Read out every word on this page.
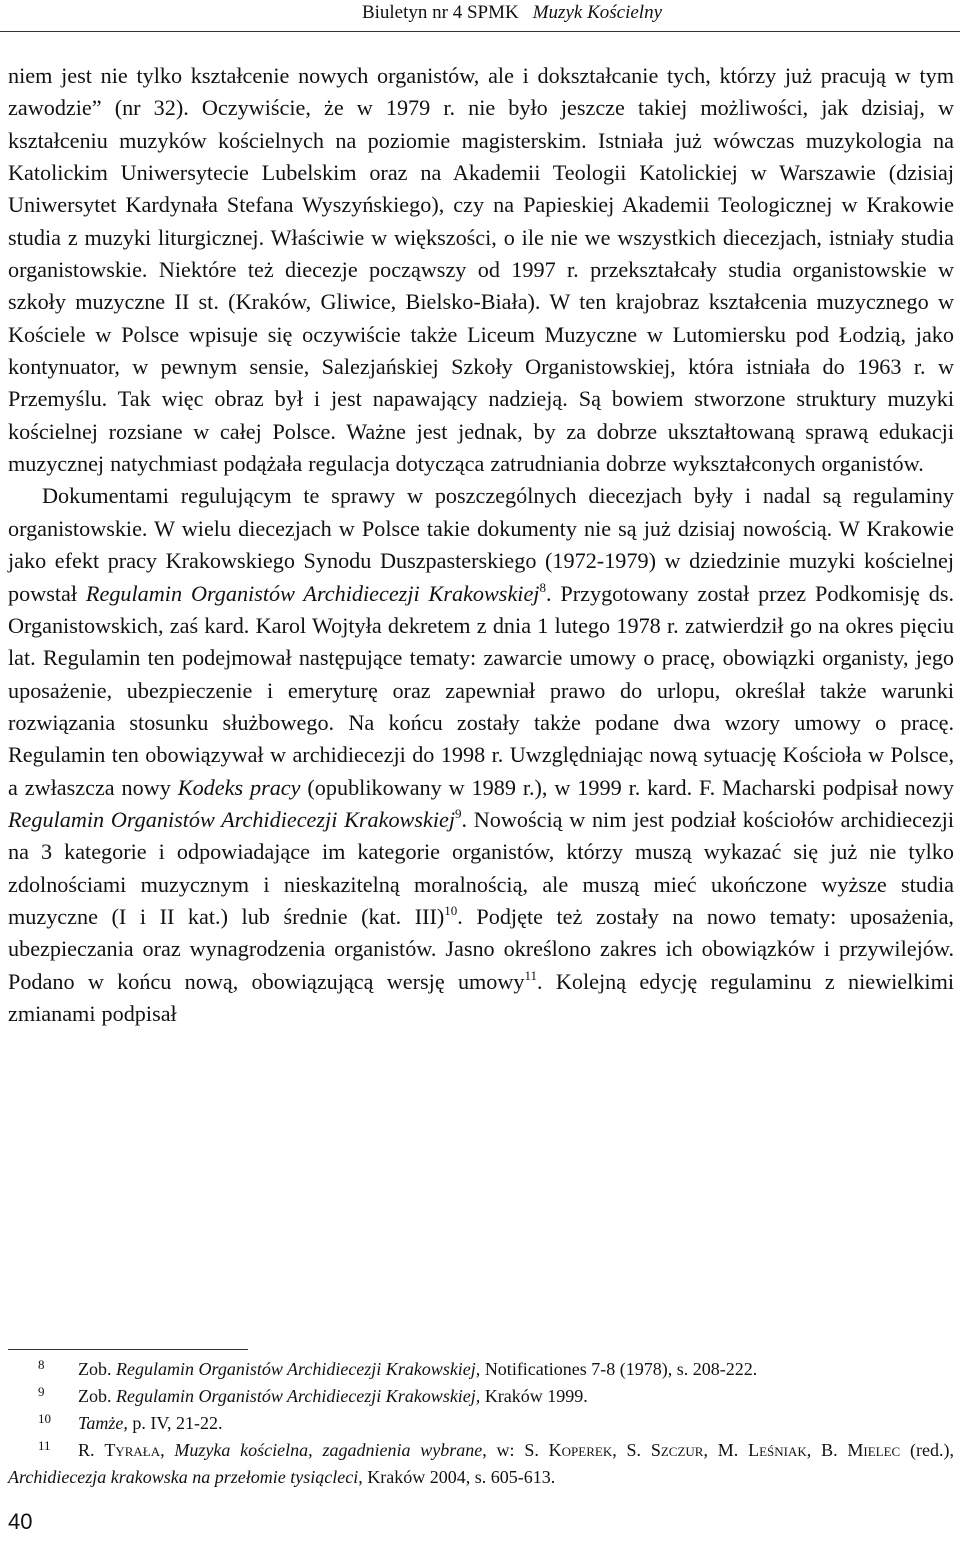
Biuletyn nr 4 SPMK Muzyk Kościelny

niem jest nie tylko kształcenie nowych organistów, ale i dokształcanie tych, którzy już pracują w tym zawodzie” (nr 32). Oczywiście, że w 1979 r. nie było jeszcze takiej możliwości, jak dzisiaj, w kształceniu muzyków kościelnych na poziomie magisterskim. Istniała już wówczas muzykologia na Katolickim Uniwersytecie Lubelskim oraz na Akademii Teologii Katolickiej w Warszawie (dzisiaj Uniwersytet Kardynała Stefana Wyszyńskiego), czy na Papieskiej Akademii Teologicznej w Krakowie studia z muzyki liturgicznej. Właściwie w większości, o ile nie we wszystkich diecezjach, istniały studia organistowskie. Niektóre też diecezje począwszy od 1997 r. przekształcały studia organistowskie w szkoły muzyczne II st. (Kraków, Gliwice, Bielsko-Biała). W ten krajobraz kształcenia muzycznego w Kościele w Polsce wpisuje się oczywiście także Liceum Muzyczne w Lutomiersku pod Łodzią, jako kontynuator, w pewnym sensie, Salezjańskiej Szkoły Organistowskiej, która istniała do 1963 r. w Przemyślu. Tak więc obraz był i jest napawający nadzieją. Są bowiem stworzone struktury muzyki kościelnej rozsiane w całej Polsce. Ważne jest jednak, by za dobrze ukształtowaną sprawą edukacji muzycznej natychmiast podążała regulacja dotycząca zatrudniania dobrze wykształconych organistów.

Dokumentami regulującym te sprawy w poszczególnych diecezjach były i nadal są regulaminy organistowskie. W wielu diecezjach w Polsce takie dokumenty nie są już dzisiaj nowością. W Krakowie jako efekt pracy Krakowskiego Synodu Duszpasterskiego (1972-1979) w dziedzinie muzyki kościelnej powstał Regulamin Organistów Archidiecezji Krakowskiej$^8$. Przygotowany został przez Podkomisję ds. Organistowskich, zaś kard. Karol Wojtyła dekretem z dnia 1 lutego 1978 r. zatwierdził go na okres pięciu lat. Regulamin ten podejmował następujące tematy: zawarcie umowy o pracę, obowiązki organisty, jego uposażenie, ubezpieczenie i emeryturę oraz zapewniał prawo do urlopu, określał także warunki rozwiązania stosunku służbowego. Na końcu zostały także podane dwa wzory umowy o pracę. Regulamin ten obowiązywał w archidiecezji do 1998 r. Uwzględniając nową sytuację Kościoła w Polsce, a zwłaszcza nowy Kodeks pracy (opublikowany w 1989 r.), w 1999 r. kard. F. Macharski podpisał nowy Regulamin Organistów Archidiecezji Krakowskiej$^9$. Nowością w nim jest podział kościołów archidiecezji na 3 kategorie i odpowiadające im kategorie organistów, którzy muszą wykazać się już nie tylko zdolnościami muzycznym i nieskazitelną moralnością, ale muszą mieć ukończone wyższe studia muzyczne (I i II kat.) lub średnie (kat. III)$^{10}$. Podjęte też zostały na nowo tematy: uposażenia, ubezpieczania oraz wynagrodzenia organistów. Jasno określono zakres ich obowiązków i przywilejów. Podano w końcu nową, obowiązującą wersję umowy$^{11}$. Kolejną edycję regulaminu z niewielkimi zmianami podpisał

8 Zob. Regulamin Organistów Archidiecezji Krakowskiej, Notificationes 7-8 (1978), s. 208-222.

9 Zob. Regulamin Organistów Archidiecezji Krakowskiej, Kraków 1999.

10 Tamże, p. IV, 21-22.

11 R. Tyrała, Muzyka kościelna, zagadnienia wybrane, w: S. Koperek, S. Szczur, M. Leśniak, B. Mielec (red.), Archidiecezja krakowska na przełomie tysiącleci, Kraków 2004, s. 605-613.

40
